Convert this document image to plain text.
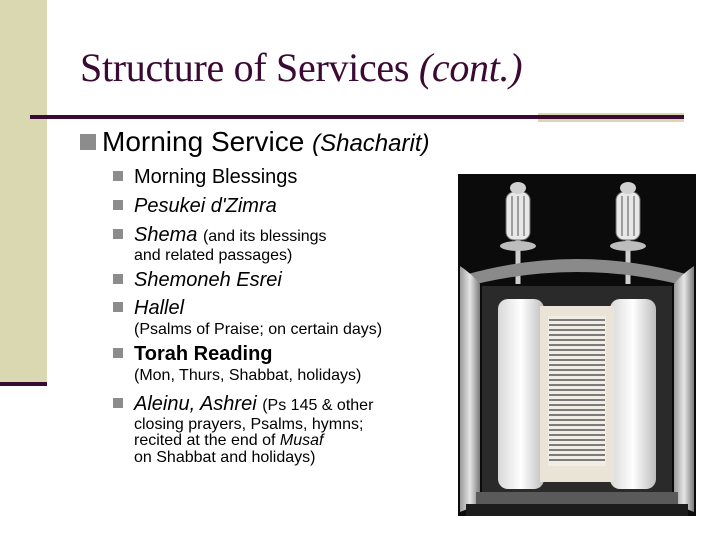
Structure of Services (cont.)
Morning Service (Shacharit)
Morning Blessings
Pesukei d'Zimra
Shema (and its blessings
and related passages)
Shemoneh Esrei
Hallel
(Psalms of Praise; on certain days)
Torah Reading
(Mon, Thurs, Shabbat, holidays)
Aleinu, Ashrei (Ps 145 & other
closing prayers, Psalms, hymns;
recited at the end of Musaf
on Shabbat and holidays)
